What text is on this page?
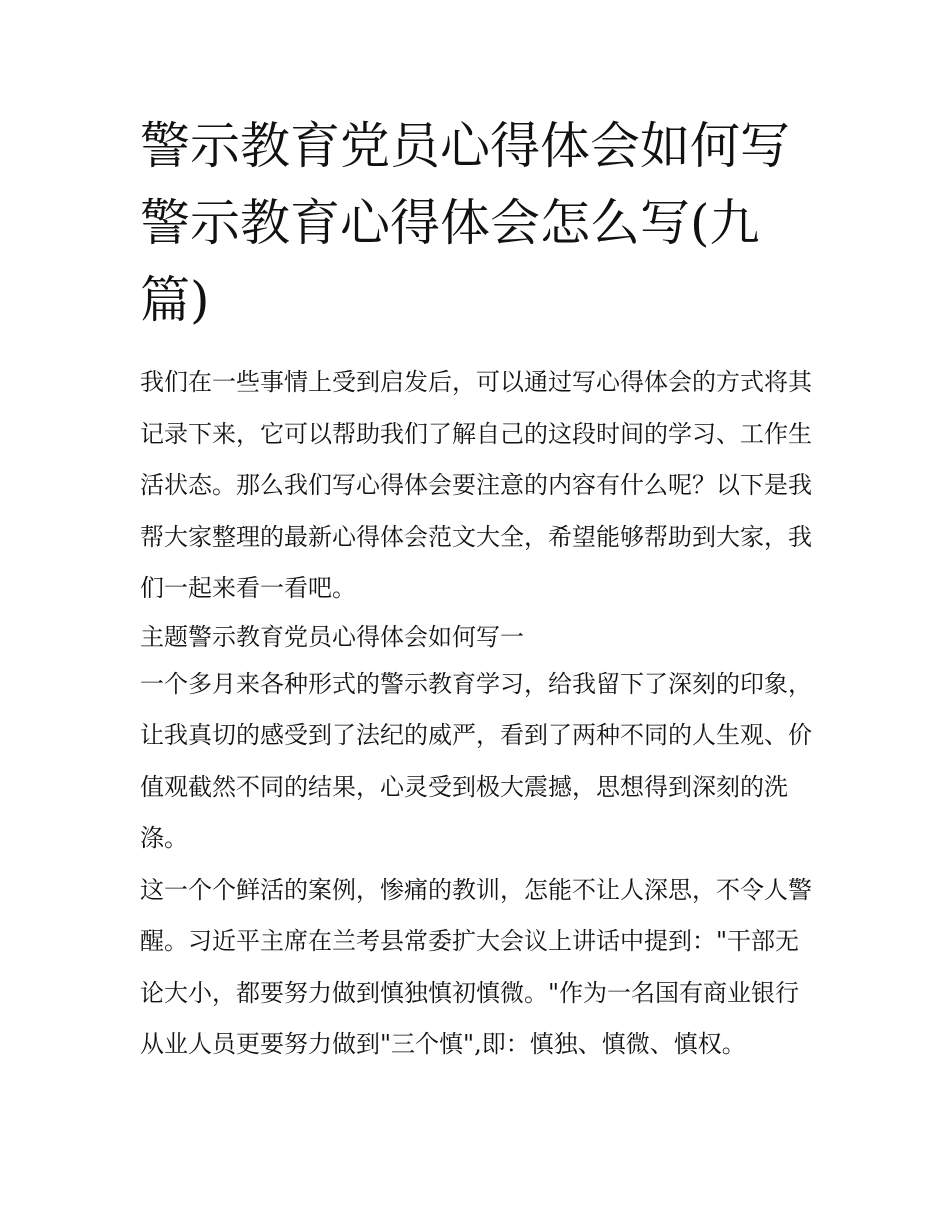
警示教育党员心得体会如何写警示教育心得体会怎么写(九篇)

我们在一些事情上受到启发后，可以通过写心得体会的方式将其记录下来，它可以帮助我们了解自己的这段时间的学习、工作生活状态。那么我们写心得体会要注意的内容有什么呢？以下是我帮大家整理的最新心得体会范文大全，希望能够帮助到大家，我们一起来看一看吧。

主题警示教育党员心得体会如何写一

一个多月来各种形式的警示教育学习，给我留下了深刻的印象，让我真切的感受到了法纪的威严，看到了两种不同的人生观、价值观截然不同的结果，心灵受到极大震撼，思想得到深刻的洗涤。

这一个个鲜活的案例，惨痛的教训，怎能不让人深思，不令人警醒。习近平主席在兰考县常委扩大会议上讲话中提到："干部无论大小，都要努力做到慎独慎初慎微。"作为一名国有商业银行从业人员更要努力做到"三个慎",即：慎独、慎微、慎权。
